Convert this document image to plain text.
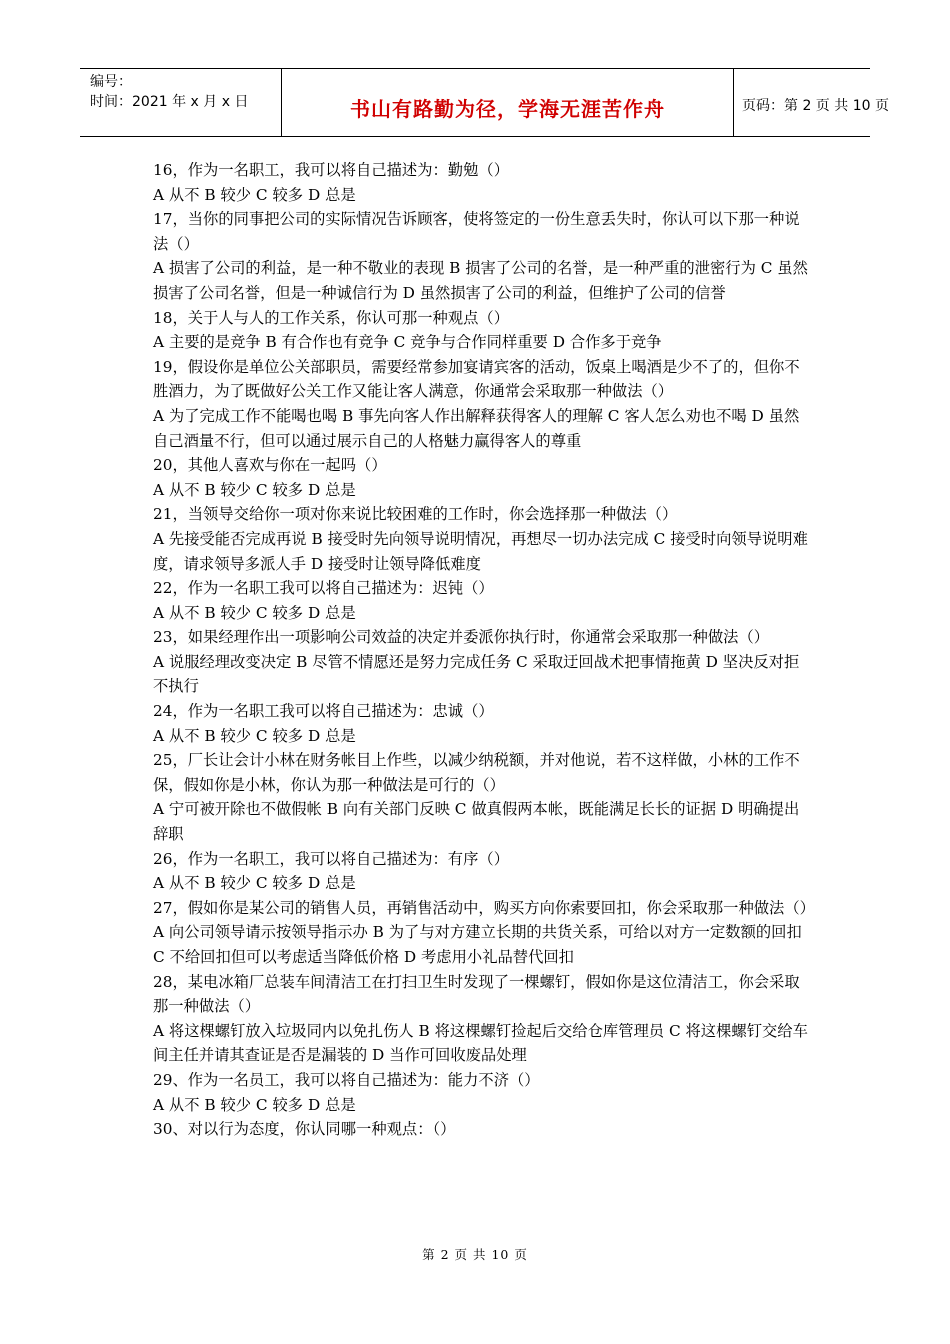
编号：
时间：2021 年 x 月 x 日	书山有路勤为径，学海无涯苦作舟	页码：第 2 页 共 10 页

16，作为一名职工，我可以将自己描述为：勤勉（）

A 从不 B 较少 C 较多 D 总是

17，当你的同事把公司的实际情况告诉顾客，使将签定的一份生意丢失时，你认可以下那一种说法（）

A 损害了公司的利益，是一种不敬业的表现 B 损害了公司的名誉，是一种严重的泄密行为 C 虽然损害了公司名誉，但是一种诚信行为 D 虽然损害了公司的利益，但维护了公司的信誉

18，关于人与人的工作关系，你认可那一种观点（）

A 主要的是竞争 B 有合作也有竞争 C 竞争与合作同样重要 D 合作多于竞争

19，假设你是单位公关部职员，需要经常参加宴请宾客的活动，饭桌上喝酒是少不了的，但你不胜酒力，为了既做好公关工作又能让客人满意，你通常会采取那一种做法（）

A 为了完成工作不能喝也喝 B 事先向客人作出解释获得客人的理解 C 客人怎么劝也不喝 D 虽然自己酒量不行，但可以通过展示自己的人格魅力赢得客人的尊重

20，其他人喜欢与你在一起吗（）

A 从不 B 较少 C 较多 D 总是

21，当领导交给你一项对你来说比较困难的工作时，你会选择那一种做法（）

A 先接受能否完成再说 B 接受时先向领导说明情况，再想尽一切办法完成 C 接受时向领导说明难度，请求领导多派人手 D 接受时让领导降低难度

22，作为一名职工我可以将自己描述为：迟钝（）

A 从不 B 较少 C 较多 D 总是

23，如果经理作出一项影响公司效益的决定并委派你执行时，你通常会采取那一种做法（）

A 说服经理改变决定 B 尽管不情愿还是努力完成任务 C 采取迂回战术把事情拖黄 D 坚决反对拒不执行

24，作为一名职工我可以将自己描述为：忠诚（）

A 从不 B 较少 C 较多 D 总是

25，厂长让会计小林在财务帐目上作些，以减少纳税额，并对他说，若不这样做，小林的工作不保，假如你是小林，你认为那一种做法是可行的（）

A 宁可被开除也不做假帐 B 向有关部门反映 C 做真假两本帐，既能满足长长的证据 D 明确提出辞职

26，作为一名职工，我可以将自己描述为：有序（）

A 从不 B 较少 C 较多 D 总是

27，假如你是某公司的销售人员，再销售活动中，购买方向你索要回扣，你会采取那一种做法（）

A 向公司领导请示按领导指示办 B 为了与对方建立长期的共货关系，可给以对方一定数额的回扣 C 不给回扣但可以考虑适当降低价格 D 考虑用小礼品替代回扣

28，某电冰箱厂总装车间清洁工在打扫卫生时发现了一棵螺钉，假如你是这位清洁工，你会采取那一种做法（）

A 将这棵螺钉放入垃圾同内以免扎伤人 B 将这棵螺钉捡起后交给仓库管理员 C 将这棵螺钉交给车间主任并请其查证是否是漏装的 D 当作可回收废品处理

29、作为一名员工，我可以将自己描述为：能力不济（）

A 从不 B 较少 C 较多 D 总是

30、对以行为态度，你认同哪一种观点：（）

第 2 页 共 10 页
